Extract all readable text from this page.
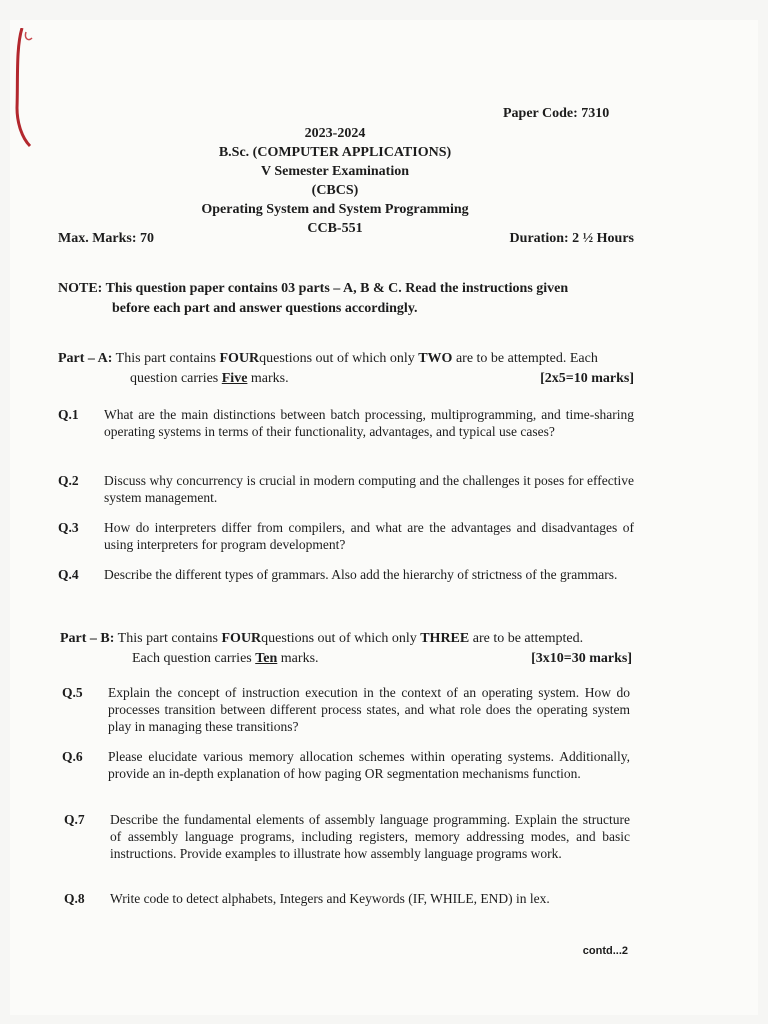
Paper Code: 7310
2023-2024
B.Sc. (COMPUTER APPLICATIONS)
V Semester Examination
(CBCS)
Operating System and System Programming
CCB-551
Max. Marks: 70	Duration: 2 ½ Hours
NOTE: This question paper contains 03 parts – A, B & C. Read the instructions given
before each part and answer questions accordingly.
Part – A: This part contains FOURquestions out of which only TWO are to be attempted. Each
question carries Five marks.	[2x5=10 marks]
Q.1	What are the main distinctions between batch processing, multiprogramming, and time-sharing operating systems in terms of their functionality, advantages, and typical use cases?
Q.2	Discuss why concurrency is crucial in modern computing and the challenges it poses for effective system management.
Q.3	How do interpreters differ from compilers, and what are the advantages and disadvantages of using interpreters for program development?
Q.4	Describe the different types of grammars. Also add the hierarchy of strictness of the grammars.
Part – B: This part contains FOURquestions out of which only THREE are to be attempted.
Each question carries Ten marks.	[3x10=30 marks]
Q.5	Explain the concept of instruction execution in the context of an operating system. How do processes transition between different process states, and what role does the operating system play in managing these transitions?
Q.6	Please elucidate various memory allocation schemes within operating systems. Additionally, provide an in-depth explanation of how paging OR segmentation mechanisms function.
Q.7	Describe the fundamental elements of assembly language programming. Explain the structure of assembly language programs, including registers, memory addressing modes, and basic instructions. Provide examples to illustrate how assembly language programs work.
Q.8	Write code to detect alphabets, Integers and Keywords (IF, WHILE, END) in lex.
contd...2
